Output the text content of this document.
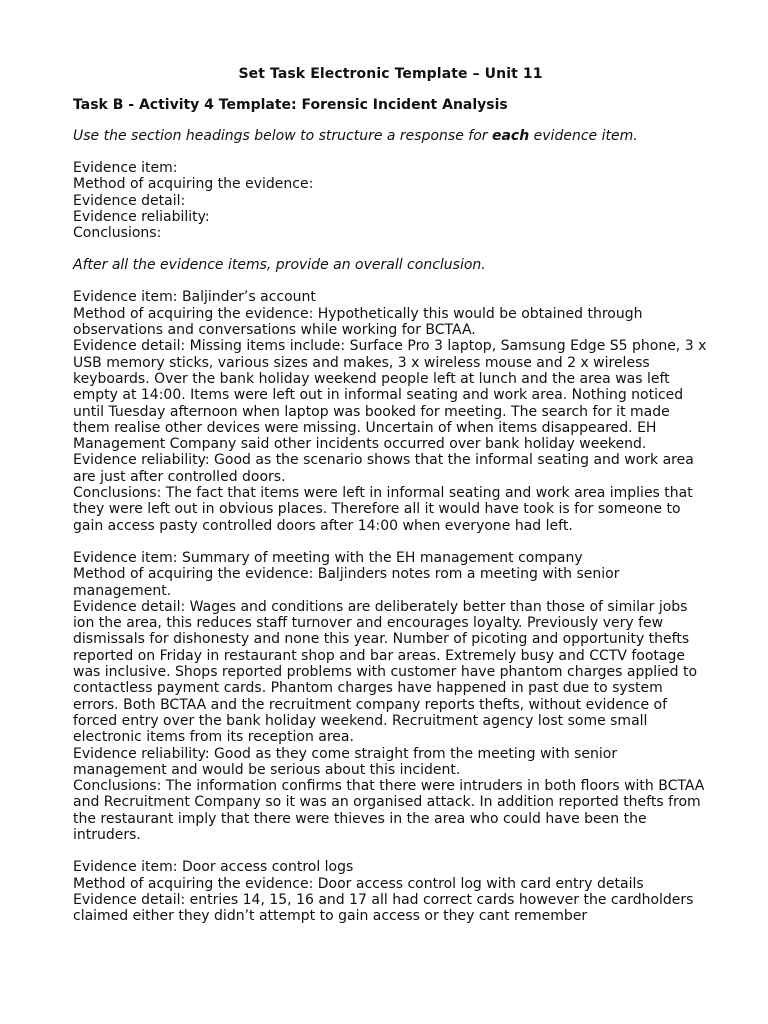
Set Task Electronic Template – Unit 11

Task B - Activity 4 Template: Forensic Incident Analysis

Use the section headings below to structure a response for each evidence item.

Evidence item:

Method of acquiring the evidence:

Evidence detail:

Evidence reliability:

Conclusions:

After all the evidence items, provide an overall conclusion.

Evidence item: Baljinder’s account

Method of acquiring the evidence: Hypothetically this would be obtained through observations and conversations while working for BCTAA.

Evidence detail: Missing items include: Surface Pro 3 laptop, Samsung Edge S5 phone, 3 x USB memory sticks, various sizes and makes, 3 x wireless mouse and 2 x wireless keyboards. Over the bank holiday weekend people left at lunch and the area was left empty at 14:00. Items were left out in informal seating and work area. Nothing noticed until Tuesday afternoon when laptop was booked for meeting. The search for it made them realise other devices were missing. Uncertain of when items disappeared. EH Management Company said other incidents occurred over bank holiday weekend.

Evidence reliability: Good as the scenario shows that the informal seating and work area are just after controlled doors.

Conclusions: The fact that items were left in informal seating and work area implies that they were left out in obvious places. Therefore all it would have took is for someone to gain access pasty controlled doors after 14:00 when everyone had left.

Evidence item: Summary of meeting with the EH management company

Method of acquiring the evidence: Baljinders notes rom a meeting with senior management.

Evidence detail: Wages and conditions are deliberately better than those of similar jobs ion the area, this reduces staff turnover and encourages loyalty. Previously very few dismissals for dishonesty and none this year. Number of picoting and opportunity thefts reported on Friday in restaurant shop and bar areas. Extremely busy and CCTV footage was inclusive. Shops reported problems with customer have phantom charges applied to contactless payment cards. Phantom charges have happened in past due to system errors. Both BCTAA and the recruitment company reports thefts, without evidence of forced entry over the bank holiday weekend. Recruitment agency lost some small electronic items from its reception area.

Evidence reliability: Good as they come straight from the meeting with senior management and would be serious about this incident.

Conclusions: The information confirms that there were intruders in both floors with BCTAA and Recruitment Company so it was an organised attack. In addition reported thefts from the restaurant imply that there were thieves in the area who could have been the intruders.

Evidence item: Door access control logs

Method of acquiring the evidence: Door access control log with card entry details

Evidence detail: entries 14, 15, 16 and 17 all had correct cards however the cardholders claimed either they didn’t attempt to gain access or they cant remember
